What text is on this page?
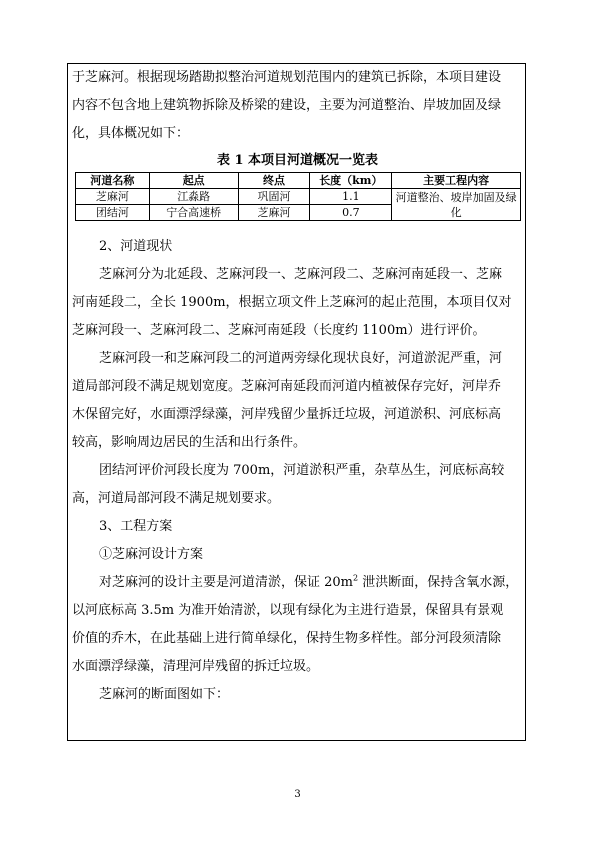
于芝麻河。根据现场踏勘拟整治河道规划范围内的建筑已拆除，本项目建设
内容不包含地上建筑物拆除及桥梁的建设，主要为河道整治、岸坡加固及绿
化，具体概况如下：
表 1 本项目河道概况一览表
河道名称	起点	终点	长度（km）	主要工程内容
芝麻河	江淼路	巩固河	1.1	河道整治、坡岸加固及绿化
团结河	宁合高速桥	芝麻河	0.7	
2、河道现状
芝麻河分为北延段、芝麻河段一、芝麻河段二、芝麻河南延段一、芝麻
河南延段二，全长 1900m，根据立项文件上芝麻河的起止范围，本项目仅对
芝麻河段一、芝麻河段二、芝麻河南延段（长度约 1100m）进行评价。
芝麻河段一和芝麻河段二的河道两旁绿化现状良好，河道淤泥严重，河
道局部河段不满足规划宽度。芝麻河南延段而河道内植被保存完好，河岸乔
木保留完好，水面漂浮绿藻，河岸残留少量拆迁垃圾，河道淤积、河底标高
较高，影响周边居民的生活和出行条件。
团结河评价河段长度为 700m，河道淤积严重，杂草丛生，河底标高较
高，河道局部河段不满足规划要求。
3、工程方案
①芝麻河设计方案
对芝麻河的设计主要是河道清淤，保证 $20m^2$ 泄洪断面，保持含氧水源，
以河底标高 3.5m 为准开始清淤，以现有绿化为主进行造景，保留具有景观
价值的乔木，在此基础上进行简单绿化，保持生物多样性。部分河段须清除
水面漂浮绿藻，清理河岸残留的拆迁垃圾。
芝麻河的断面图如下：
3
